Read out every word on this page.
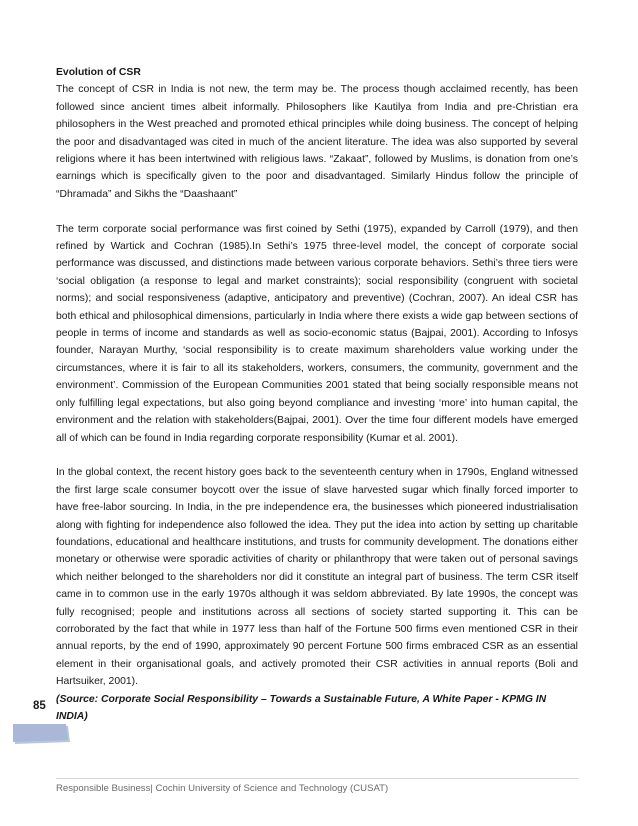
Evolution of CSR

The concept of CSR in India is not new, the term may be. The process though acclaimed recently, has been followed since ancient times albeit informally. Philosophers like Kautilya from India and pre-Christian era philosophers in the West preached and promoted ethical principles while doing business. The concept of helping the poor and disadvantaged was cited in much of the ancient literature. The idea was also supported by several religions where it has been intertwined with religious laws. “Zakaat”, followed by Muslims, is donation from one’s earnings which is specifically given to the poor and disadvantaged. Similarly Hindus follow the principle of “Dhramada” and Sikhs the “Daashaant”

The term corporate social performance was first coined by Sethi (1975), expanded by Carroll (1979), and then refined by Wartick and Cochran (1985).In Sethi’s 1975 three-level model, the concept of corporate social performance was discussed, and distinctions made between various corporate behaviors. Sethi’s three tiers were ‘social obligation (a response to legal and market constraints); social responsibility (congruent with societal norms); and social responsiveness (adaptive, anticipatory and preventive) (Cochran, 2007). An ideal CSR has both ethical and philosophical dimensions, particularly in India where there exists a wide gap between sections of people in terms of income and standards as well as socio-economic status (Bajpai, 2001). According to Infosys founder, Narayan Murthy, ‘social responsibility is to create maximum shareholders value working under the circumstances, where it is fair to all its stakeholders, workers, consumers, the community, government and the environment’. Commission of the European Communities 2001 stated that being socially responsible means not only fulfilling legal expectations, but also going beyond compliance and investing ‘more’ into human capital, the environment and the relation with stakeholders(Bajpai, 2001). Over the time four different models have emerged all of which can be found in India regarding corporate responsibility (Kumar et al. 2001).

In the global context, the recent history goes back to the seventeenth century when in 1790s, England witnessed the first large scale consumer boycott over the issue of slave harvested sugar which finally forced importer to have free-labor sourcing. In India, in the pre independence era, the businesses which pioneered industrialisation along with fighting for independence also followed the idea. They put the idea into action by setting up charitable foundations, educational and healthcare institutions, and trusts for community development. The donations either monetary or otherwise were sporadic activities of charity or philanthropy that were taken out of personal savings which neither belonged to the shareholders nor did it constitute an integral part of business. The term CSR itself came in to common use in the early 1970s although it was seldom abbreviated. By late 1990s, the concept was fully recognised; people and institutions across all sections of society started supporting it. This can be corroborated by the fact that while in 1977 less than half of the Fortune 500 firms even mentioned CSR in their annual reports, by the end of 1990, approximately 90 percent Fortune 500 firms embraced CSR as an essential element in their organisational goals, and actively promoted their CSR activities in annual reports (Boli and Hartsuiker, 2001).

(Source: Corporate Social Responsibility – Towards a Sustainable Future, A White Paper - KPMG IN INDIA)

85
Responsible Business| Cochin University of Science and Technology (CUSAT)
